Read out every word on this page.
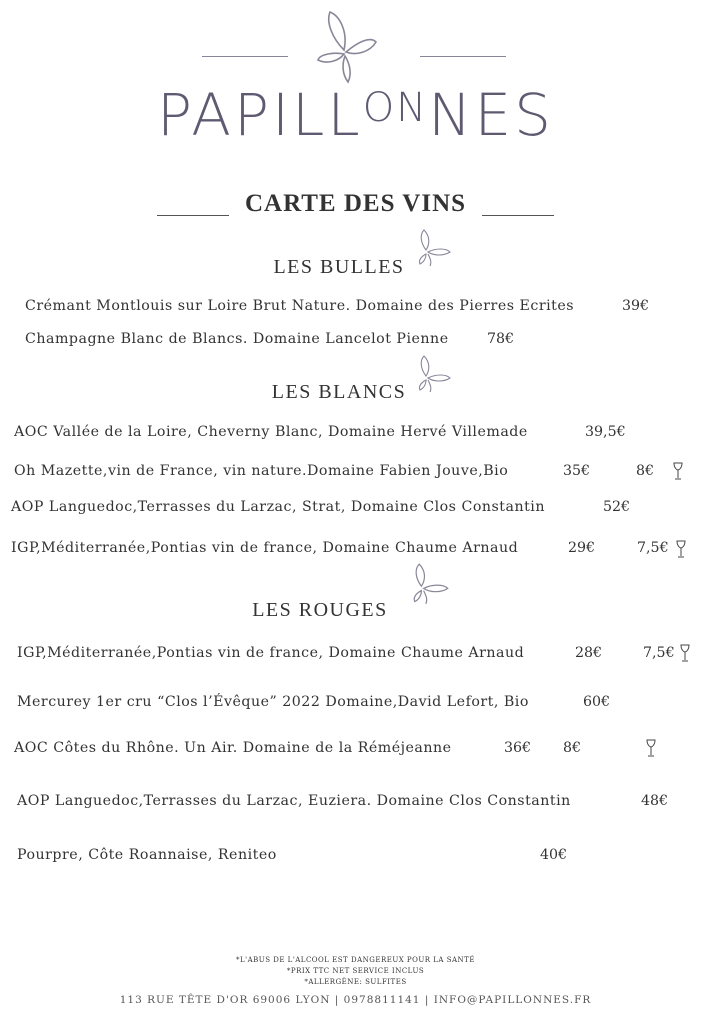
$PAPILL^{ON}NES$
CARTE DES VINS
LES BULLES
Crémant Montlouis sur Loire Brut Nature. Domaine des Pierres Ecrites	39€
Champagne Blanc de Blancs. Domaine Lancelot Pienne	78€
LES BLANCS
AOC Vallée de la Loire, Cheverny Blanc, Domaine Hervé Villemade	39,5€
Oh Mazette,vin de France, vin nature.Domaine Fabien Jouve,Bio	35€	8€
AOP Languedoc,Terrasses du Larzac, Strat, Domaine Clos Constantin	52€
IGP,Méditerranée,Pontias vin de france, Domaine Chaume Arnaud	29€	7,5€
LES ROUGES
IGP,Méditerranée,Pontias vin de france, Domaine Chaume Arnaud	28€	7,5€
Mercurey 1er cru “Clos l’Évêque” 2022 Domaine,David Lefort, Bio	60€
AOC Côtes du Rhône. Un Air. Domaine de la Réméjeanne	36€ 8€
AOP Languedoc,Terrasses du Larzac, Euziera. Domaine Clos Constantin	48€
Pourpre, Côte Roannaise, Reniteo	40€
*L'ABUS DE L'ALCOOL EST DANGEREUX POUR LA SANTÉ
*PRIX TTC NET SERVICE INCLUS
*ALLERGÈNE: SULFITES
113 RUE TÊTE D'OR 69006 LYON | 0978811141 | INFO@PAPILLONNES.FR
